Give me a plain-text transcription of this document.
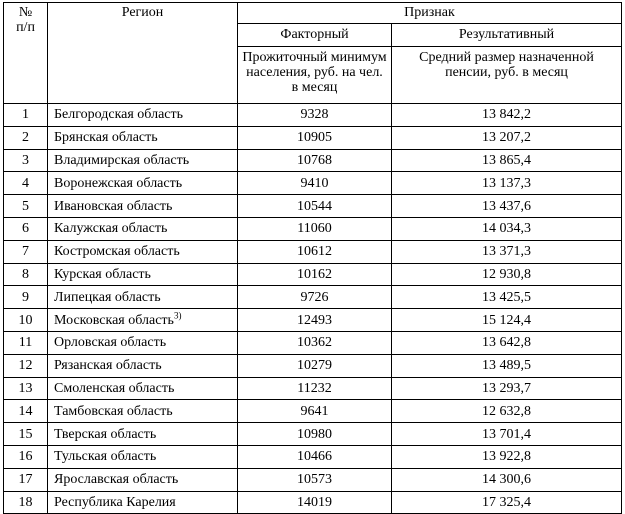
№ п/п	Регион	Признак	
		Факторный	Результативный
		Прожиточный минимум населения, руб. на чел. в месяц	Средний размер назначенной пенсии, руб. в месяц
1	Белгородская область	9328	13 842,2
2	Брянская область	10905	13 207,2
3	Владимирская область	10768	13 865,4
4	Воронежская область	9410	13 137,3
5	Ивановская область	10544	13 437,6
6	Калужская область	11060	14 034,3
7	Костромская область	10612	13 371,3
8	Курская область	10162	12 930,8
9	Липецкая область	9726	13 425,5
10	Московская область$^{3)}$	12493	15 124,4
11	Орловская область	10362	13 642,8
12	Рязанская область	10279	13 489,5
13	Смоленская область	11232	13 293,7
14	Тамбовская область	9641	12 632,8
15	Тверская область	10980	13 701,4
16	Тульская область	10466	13 922,8
17	Ярославская область	10573	14 300,6
18	Республика Карелия	14019	17 325,4
